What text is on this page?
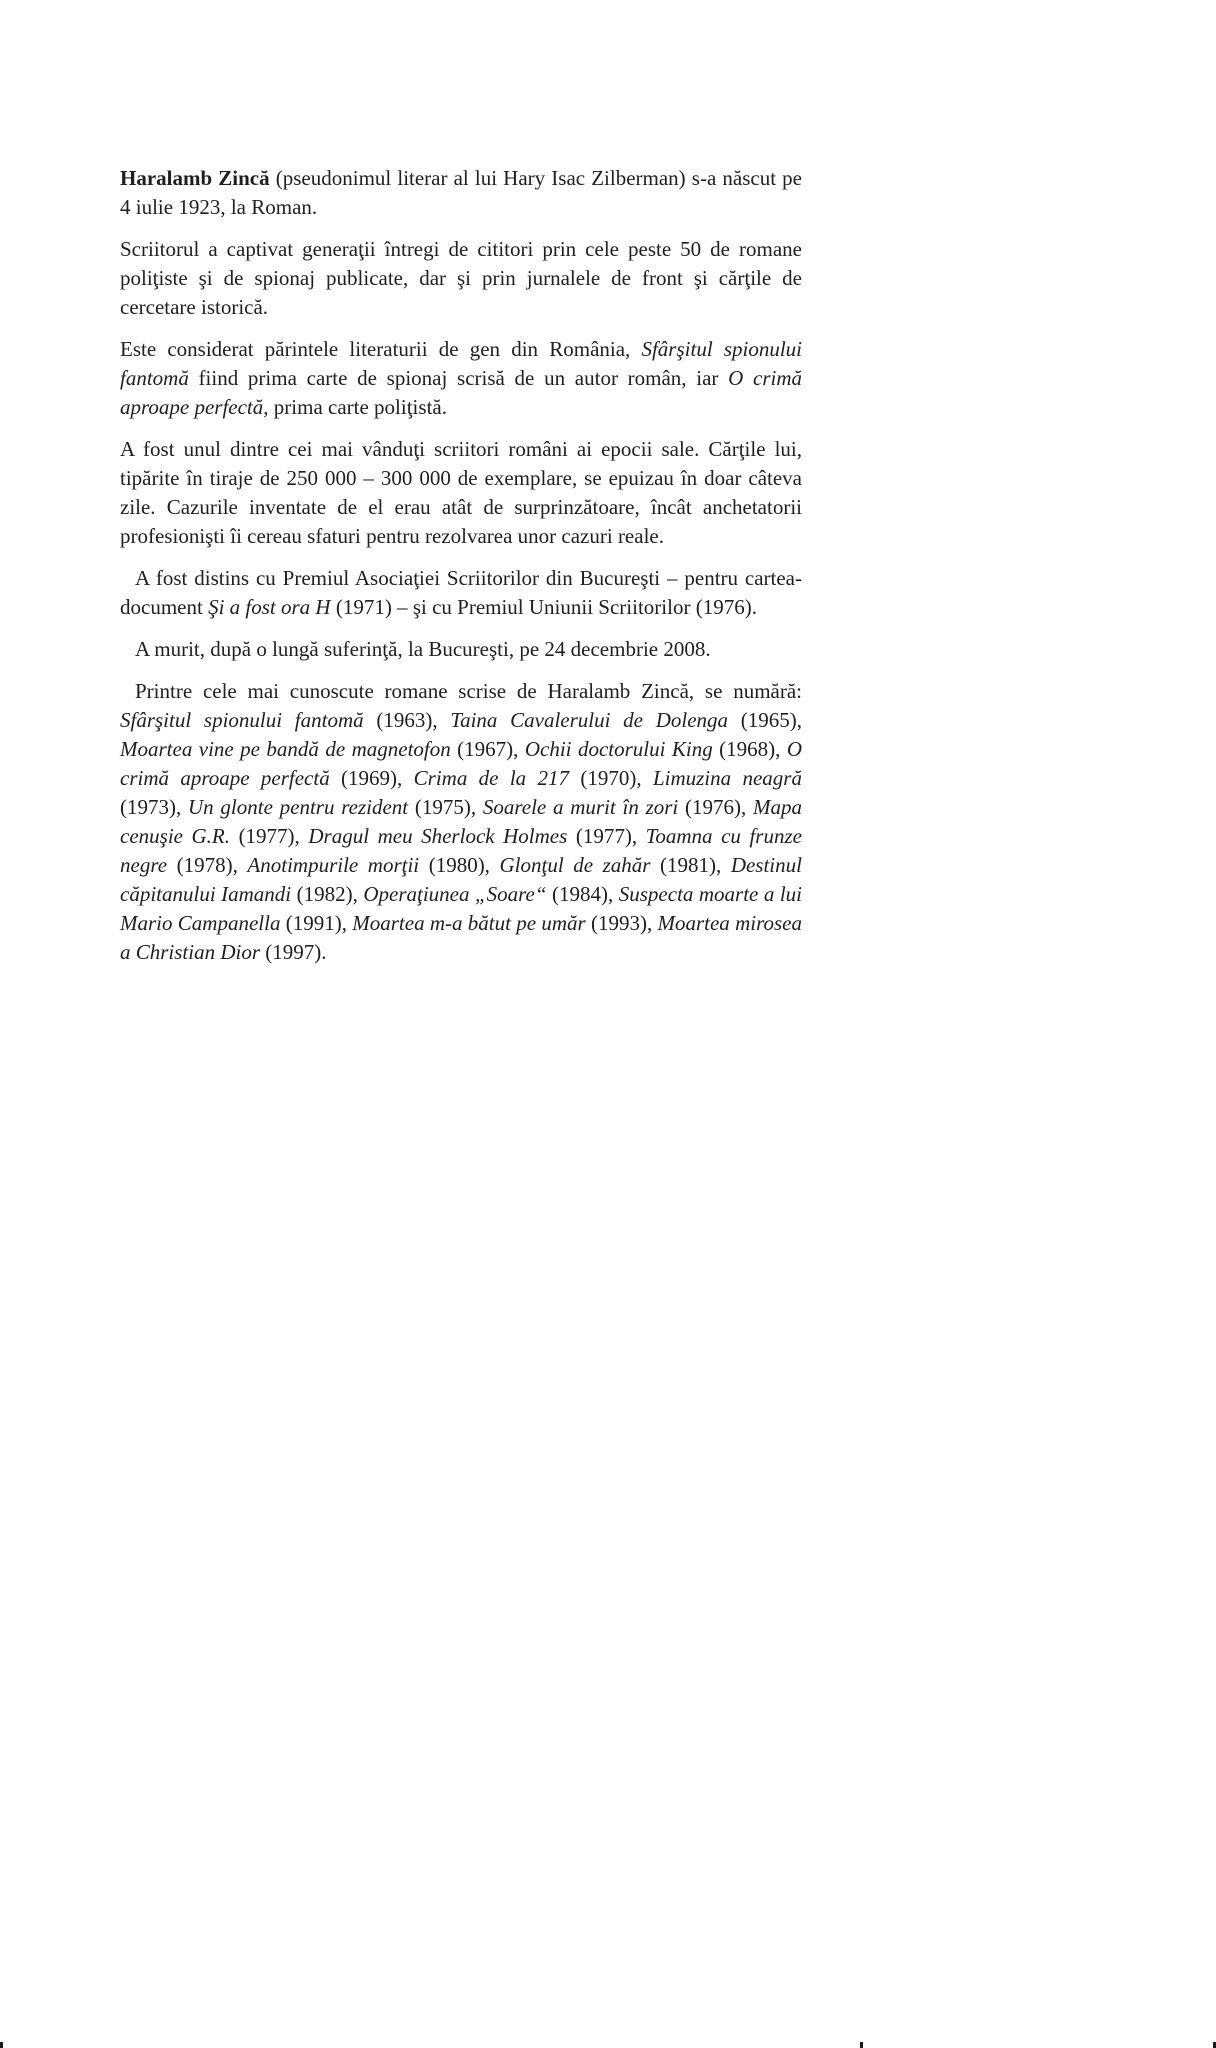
Haralamb Zincă (pseudonimul literar al lui Hary Isac Zilberman) s-a născut pe 4 iulie 1923, la Roman.

Scriitorul a captivat generaţii întregi de cititori prin cele peste 50 de romane poliţiste şi de spionaj publicate, dar şi prin jurnalele de front şi cărţile de cercetare istorică.

Este considerat părintele literaturii de gen din România, Sfârşitul spionului fantomă fiind prima carte de spionaj scrisă de un autor român, iar O crimă aproape perfectă, prima carte poliţistă.

A fost unul dintre cei mai vânduţi scriitori români ai epocii sale. Cărţile lui, tipărite în tiraje de 250 000 – 300 000 de exemplare, se epuizau în doar câteva zile. Cazurile inventate de el erau atât de surprinzătoare, încât anchetatorii profesionişti îi cereau sfaturi pentru rezolvarea unor cazuri reale.

A fost distins cu Premiul Asociaţiei Scriitorilor din Bucureşti – pentru cartea-document Şi a fost ora H (1971) – şi cu Premiul Uniunii Scriitorilor (1976).

A murit, după o lungă suferinţă, la Bucureşti, pe 24 decembrie 2008.

Printre cele mai cunoscute romane scrise de Haralamb Zincă, se numără: Sfârşitul spionului fantomă (1963), Taina Cavalerului de Dolenga (1965), Moartea vine pe bandă de magnetofon (1967), Ochii doctorului King (1968), O crimă aproape perfectă (1969), Crima de la 217 (1970), Limuzina neagră (1973), Un glonte pentru rezident (1975), Soarele a murit în zori (1976), Mapa cenuşie G.R. (1977), Dragul meu Sherlock Holmes (1977), Toamna cu frunze negre (1978), Anotimpurile morţii (1980), Glonţul de zahăr (1981), Destinul căpitanului Iamandi (1982), Operaţiunea „Soare“ (1984), Suspecta moarte a lui Mario Campanella (1991), Moartea m-a bătut pe umăr (1993), Moartea mirosea a Christian Dior (1997).
